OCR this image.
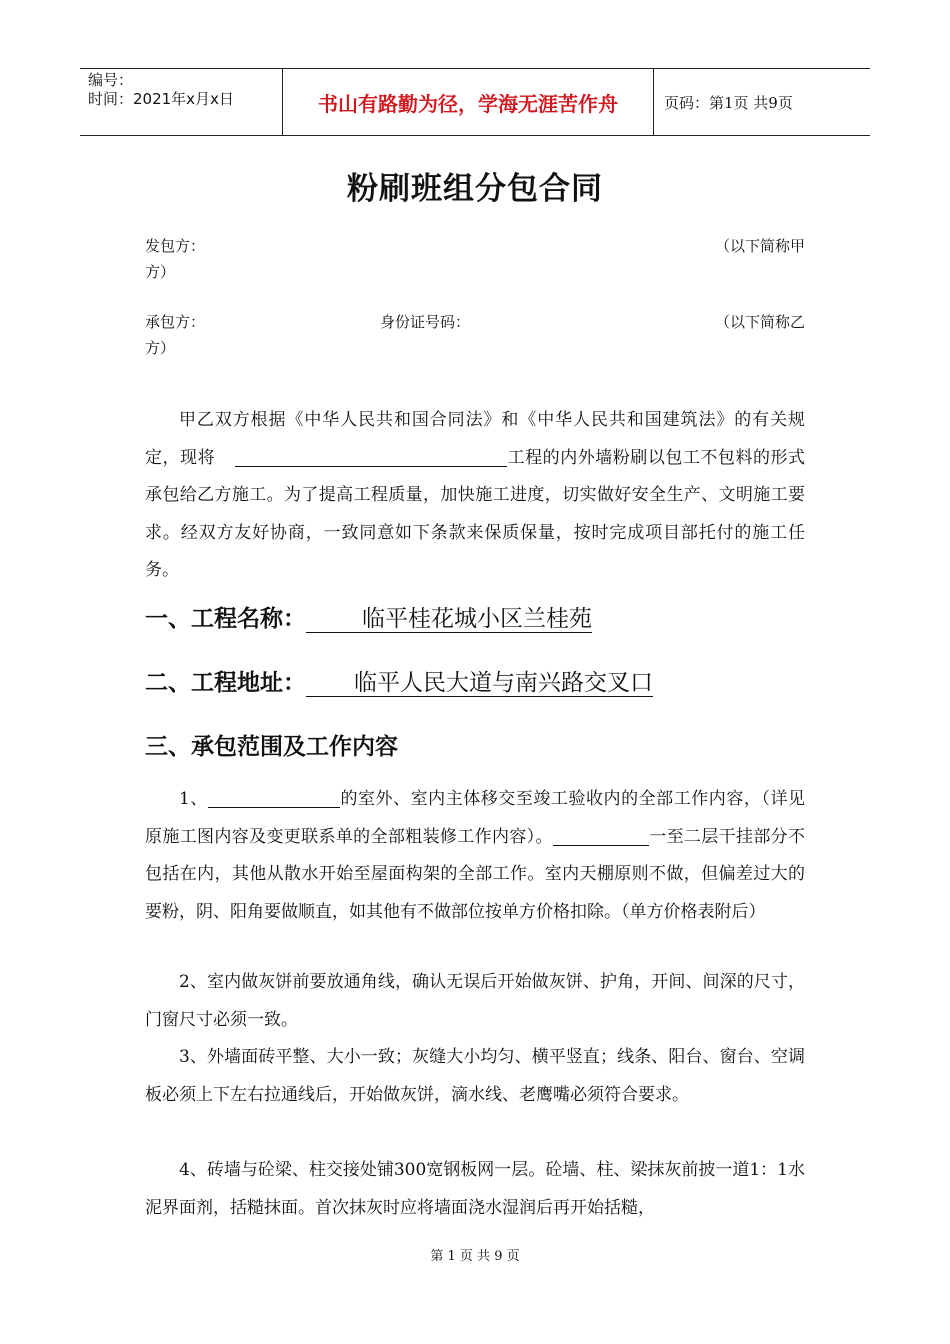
编号：
时间：2021年x月x日	书山有路勤为径，学海无涯苦作舟	页码：第1页 共9页
粉刷班组分包合同
发包方：	（以下简称甲
方）
承包方：	身份证号码：	（以下简称乙
方）
甲乙双方根据《中华人民共和国合同法》和《中华人民共和国建筑法》的有关规定，现将	工程的内外墙粉刷以包工不包料的形式承包给乙方施工。为了提高工程质量，加快施工进度，切实做好安全生产、文明施工要求。经双方友好协商，一致同意如下条款来保质保量，按时完成项目部托付的施工任务。
一、工程名称： 临平桂花城小区兰桂苑
二、工程地址： 临平人民大道与南兴路交叉口
三、承包范围及工作内容
1、	的室外、室内主体移交至竣工验收内的全部工作内容，（详见原施工图内容及变更联系单的全部粗装修工作内容）。	一至二层干挂部分不包括在内，其他从散水开始至屋面构架的全部工作。室内天棚原则不做，但偏差过大的要粉，阴、阳角要做顺直，如其他有不做部位按单方价格扣除。（单方价格表附后）
2、室内做灰饼前要放通角线，确认无误后开始做灰饼、护角，开间、间深的尺寸，门窗尺寸必须一致。
3、外墙面砖平整、大小一致；灰缝大小均匀、横平竖直；线条、阳台、窗台、空调板必须上下左右拉通线后，开始做灰饼，滴水线、老鹰嘴必须符合要求。
4、砖墙与砼梁、柱交接处铺300宽钢板网一层。砼墙、柱、梁抹灰前披一道1：1水泥界面剂，括糙抹面。首次抹灰时应将墙面浇水湿润后再开始括糙，
第 1 页 共 9 页
